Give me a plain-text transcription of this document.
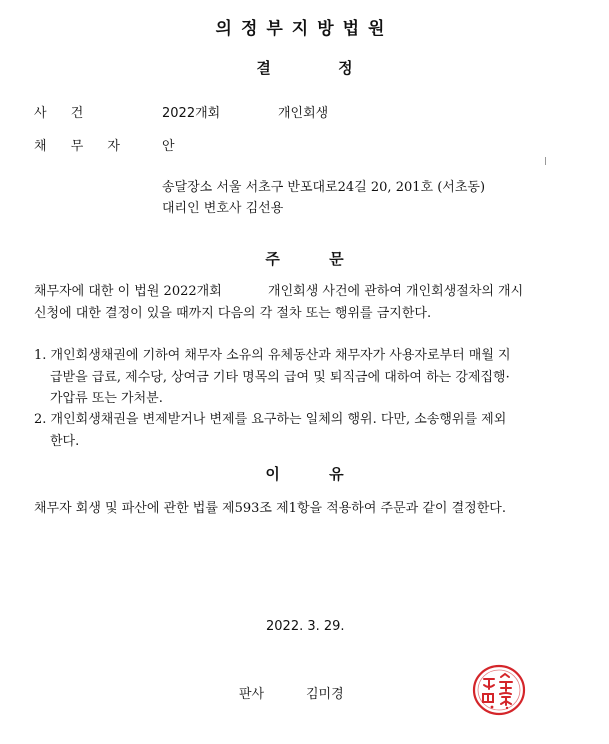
의정부지방법원
결 정
사 건	2022개회	개인회생
채 무 자	안
송달장소 서울 서초구 반포대로24길 20, 201호 (서초동)
대리인 변호사 김선용
주 문
채무자에 대한 이 법원 2022개회	개인회생 사건에 관하여 개인회생절차의 개시
신청에 대한 결정이 있을 때까지 다음의 각 절차 또는 행위를 금지한다.
1. 개인회생채권에 기하여 채무자 소유의 유체동산과 채무자가 사용자로부터 매월 지
급받을 급료, 제수당, 상여금 기타 명목의 급여 및 퇴직금에 대하여 하는 강제집행·
가압류 또는 가처분.
2. 개인회생채권을 변제받거나 변제를 요구하는 일체의 행위. 다만, 소송행위를 제외
한다.
이 유
채무자 회생 및 파산에 관한 법률 제593조 제1항을 적용하여 주문과 같이 결정한다.
2022. 3. 29.
판사	김미경
